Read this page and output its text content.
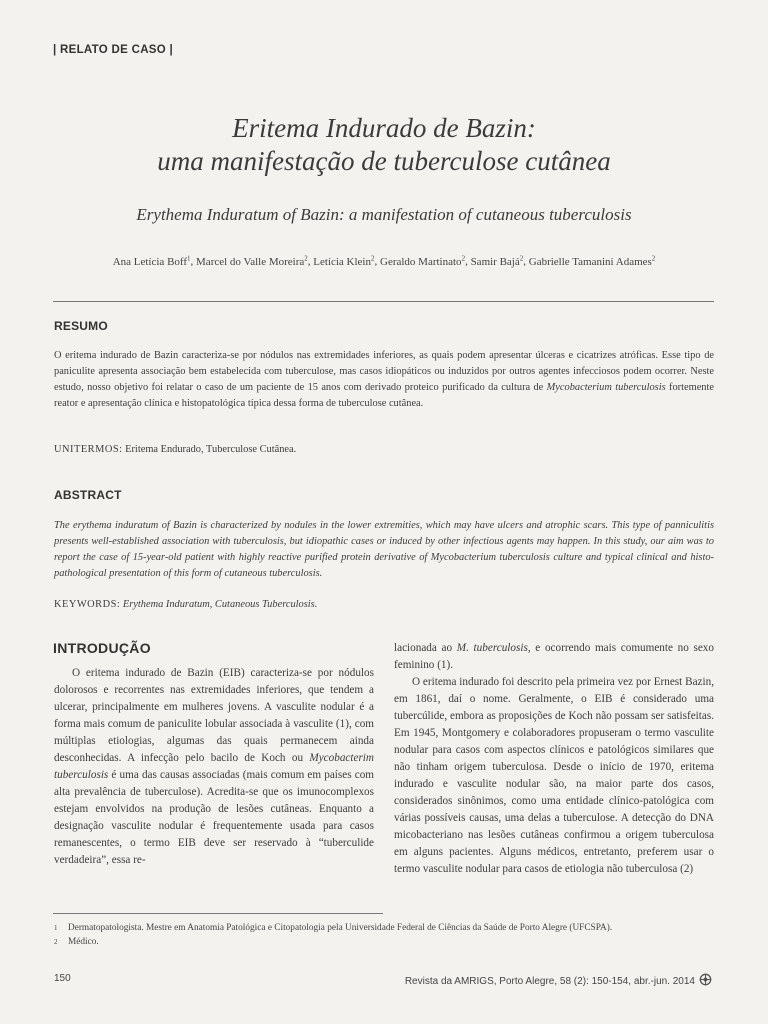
| RELATO DE CASO |
Eritema Indurado de Bazin:
uma manifestação de tuberculose cutânea
Erythema Induratum of Bazin: a manifestation of cutaneous tuberculosis
Ana Letícia Boff$^1$, Marcel do Valle Moreira$^2$, Letícia Klein$^2$, Geraldo Martinato$^2$, Samir Bajá$^2$, Gabrielle Tamanini Adames$^2$
RESUMO
O eritema indurado de Bazin caracteriza-se por nódulos nas extremidades inferiores, as quais podem apresentar úlceras e cicatrizes atróficas. Esse tipo de paniculite apresenta associação bem estabelecida com tuberculose, mas casos idiopáticos ou induzidos por outros agentes infecciosos podem ocorrer. Neste estudo, nosso objetivo foi relatar o caso de um paciente de 15 anos com derivado proteico purificado da cultura de Mycobacterium tuberculosis fortemente reator e apresentação clínica e histopatológica típica dessa forma de tuberculose cutânea.
UNITERMOS: Eritema Endurado, Tuberculose Cutânea.
ABSTRACT
The erythema induratum of Bazin is characterized by nodules in the lower extremities, which may have ulcers and atrophic scars. This type of panniculitis presents well-established association with tuberculosis, but idiopathic cases or induced by other infectious agents may happen. In this study, our aim was to report the case of 15-year-old patient with highly reactive purified protein derivative of Mycobacterium tuberculosis culture and typical clinical and histo-pathological presentation of this form of cutaneous tuberculosis.
KEYWORDS: Erythema Induratum, Cutaneous Tuberculosis.
INTRODUÇÃO

O eritema indurado de Bazin (EIB) caracteriza-se por nódulos dolorosos e recorrentes nas extremidades inferiores, que tendem a ulcerar, principalmente em mulheres jovens. A vasculite nodular é a forma mais comum de paniculite lobular associada à vasculite (1), com múltiplas etiologias, algumas das quais permanecem ainda desconhecidas. A infecção pelo bacilo de Koch ou Mycobacterim tuberculosis é uma das causas associadas (mais comum em países com alta prevalência de tuberculose). Acredita-se que os imunocomplexos estejam envolvidos na produção de lesões cutâneas. Enquanto a designação vasculite nodular é frequentemente usada para casos remanescentes, o termo EIB deve ser reservado à “tuberculide verdadeira”, essa re-

lacionada ao M. tuberculosis, e ocorrendo mais comumente no sexo feminino (1).

O eritema indurado foi descrito pela primeira vez por Ernest Bazin, em 1861, daí o nome. Geralmente, o EIB é considerado uma tubercúlide, embora as proposições de Koch não possam ser satisfeitas. Em 1945, Montgomery e colaboradores propuseram o termo vasculite nodular para casos com aspectos clínicos e patológicos similares que não tinham origem tuberculosa. Desde o início de 1970, eritema indurado e vasculite nodular são, na maior parte dos casos, considerados sinônimos, como uma entidade clínico-patológica com várias possíveis causas, uma delas a tuberculose. A detecção do DNA micobacteriano nas lesões cutâneas confirmou a origem tuberculosa em alguns pacientes. Alguns médicos, entretanto, preferem usar o termo vasculite nodular para casos de etiologia não tuberculosa (2)

1	Dermatopatologista. Mestre em Anatomia Patológica e Citopatologia pela Universidade Federal de Ciências da Saúde de Porto Alegre (UFCSPA).
2	Médico.
150	Revista da AMRIGS, Porto Alegre, 58 (2): 150-154, abr.-jun. 2014
